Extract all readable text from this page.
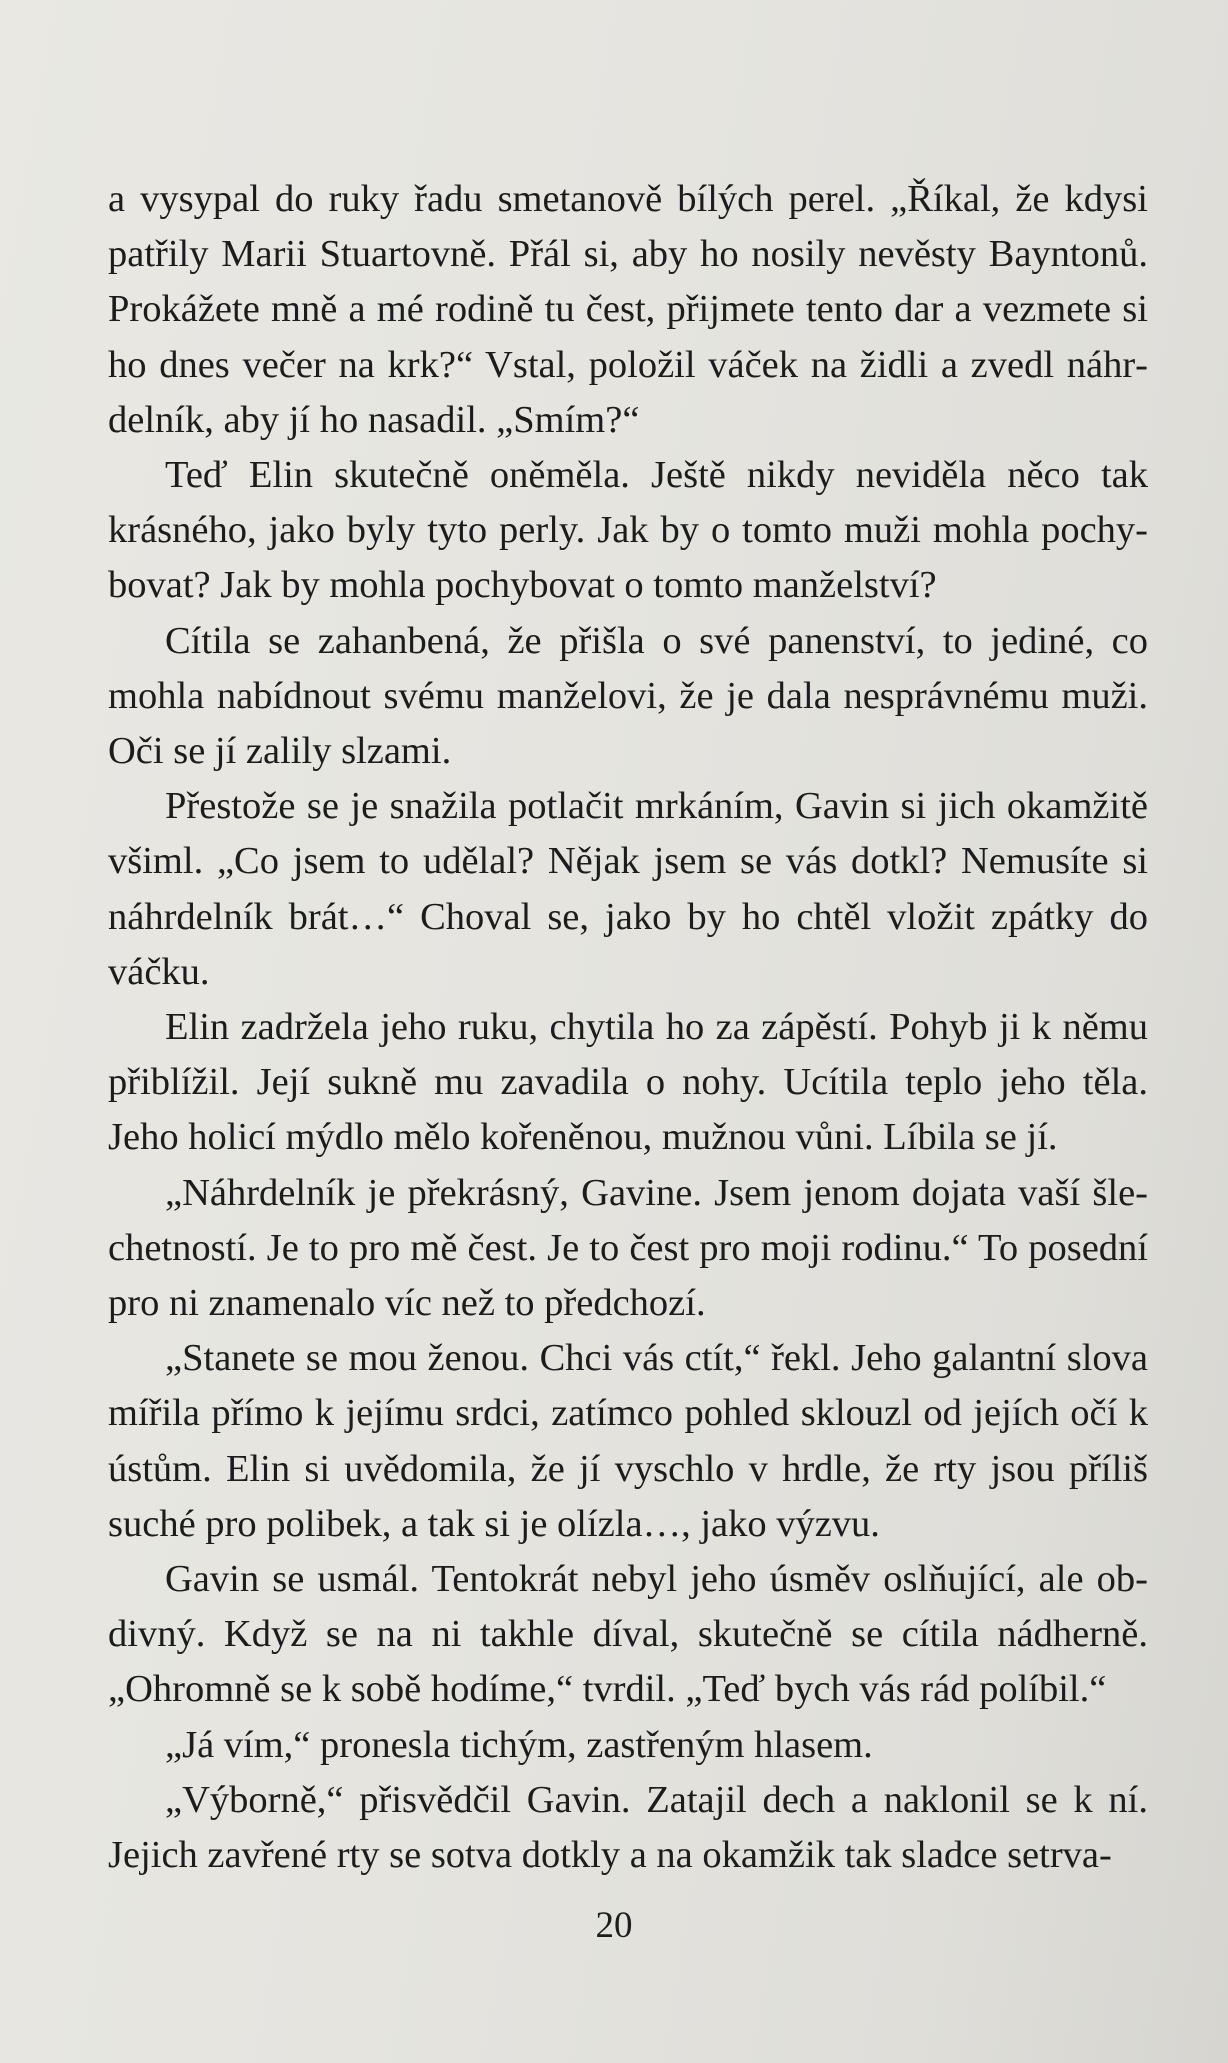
a vysypal do ruky řadu smetanově bílých perel. „Říkal, že kdysi patřily Marii Stuartovně. Přál si, aby ho nosily nevěsty Bayntonů. Prokážete mně a mé rodině tu čest, přijmete tento dar a vezmete si ho dnes večer na krk?“ Vstal, položil váček na židli a zvedl náhrdelník, aby jí ho nasadil. „Smím?“

Teď Elin skutečně oněměla. Ještě nikdy neviděla něco tak krásného, jako byly tyto perly. Jak by o tomto muži mohla pochybovat? Jak by mohla pochybovat o tomto manželství?

Cítila se zahanbená, že přišla o své panenství, to jediné, co mohla nabídnout svému manželovi, že je dala nesprávnému muži. Oči se jí zalily slzami.

Přestože se je snažila potlačit mrkáním, Gavin si jich okamžitě všiml. „Co jsem to udělal? Nějak jsem se vás dotkl? Nemusíte si náhrdelník brát…“ Choval se, jako by ho chtěl vložit zpátky do váčku.

Elin zadržela jeho ruku, chytila ho za zápěstí. Pohyb ji k němu přiblížil. Její sukně mu zavadila o nohy. Ucítila teplo jeho těla. Jeho holicí mýdlo mělo kořeněnou, mužnou vůni. Líbila se jí.

„Náhrdelník je překrásný, Gavine. Jsem jenom dojata vaší šlechetností. Je to pro mě čest. Je to čest pro moji rodinu.“ To posední pro ni znamenalo víc než to předchozí.

„Stanete se mou ženou. Chci vás ctít,“ řekl. Jeho galantní slova mířila přímo k jejímu srdci, zatímco pohled sklouzl od jejích očí k ústům. Elin si uvědomila, že jí vyschlo v hrdle, že rty jsou příliš suché pro polibek, a tak si je olízla…, jako výzvu.

Gavin se usmál. Tentokrát nebyl jeho úsměv oslňující, ale obdivný. Když se na ni takhle díval, skutečně se cítila nádherně. „Ohromně se k sobě hodíme,“ tvrdil. „Teď bych vás rád políbil.“

„Já vím,“ pronesla tichým, zastřeným hlasem.

„Výborně,“ přisvědčil Gavin. Zatajil dech a naklonil se k ní. Jejich zavřené rty se sotva dotkly a na okamžik tak sladce setrva-

20
